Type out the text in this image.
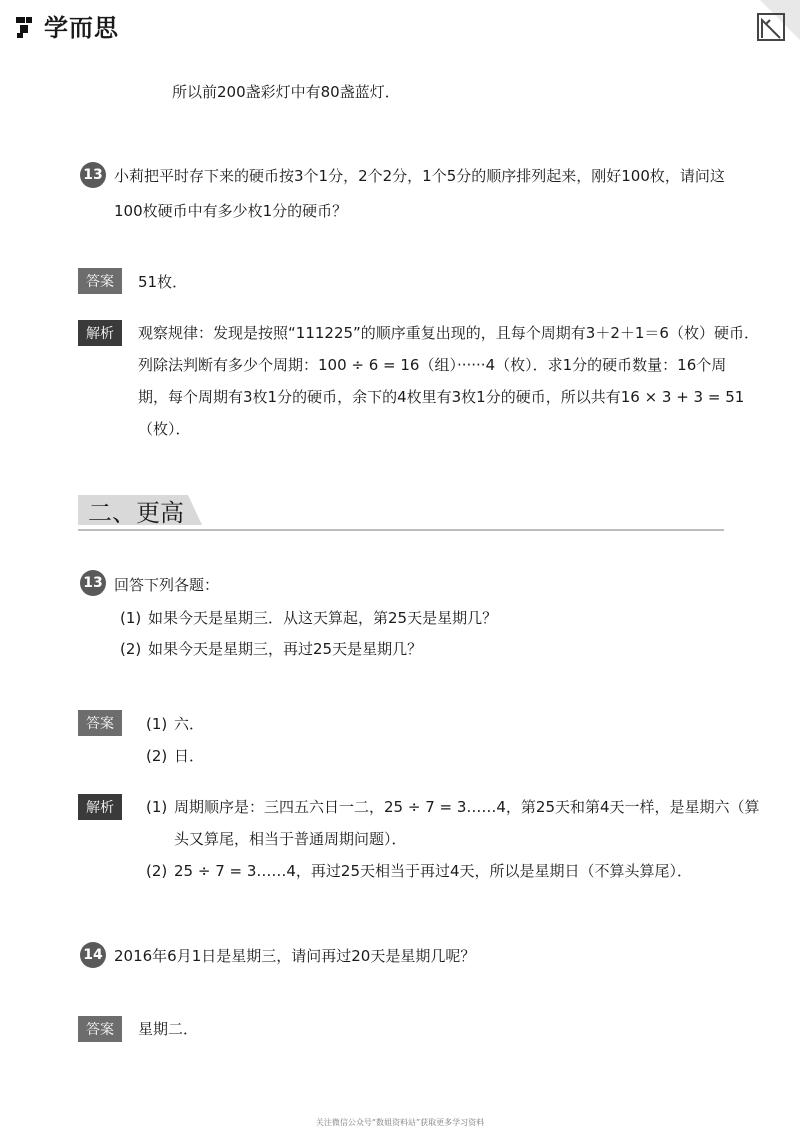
学而思
所以前200盏彩灯中有80盏蓝灯．
13 小莉把平时存下来的硬币按3个1分，2个2分，1个5分的顺序排列起来，刚好100枚，请问这
100枚硬币中有多少枚1分的硬币？
答案	51枚．
解析	观察规律：发现是按照“111225”的顺序重复出现的，且每个周期有3＋2＋1＝6（枚）硬币．
列除法判断有多少个周期：100 ÷ 6 = 16（组）······4（枚）．求1分的硬币数量：16个周
期，每个周期有3枚1分的硬币，余下的4枚里有3枚1分的硬币，所以共有16 × 3 + 3 = 51
（枚）．
二、更高
13 回答下列各题：
(1) 如果今天是星期三．从这天算起，第25天是星期几？
(2) 如果今天是星期三，再过25天是星期几？
答案	(1) 六．
(2) 日．
解析	(1) 周期顺序是：三四五六日一二，25 ÷ 7 = 3……4，第25天和第4天一样，是星期六（算
头又算尾，相当于普通周期问题）．
(2) 25 ÷ 7 = 3……4，再过25天相当于再过4天，所以是星期日（不算头算尾）．
14 2016年6月1日是星期三，请问再过20天是星期几呢？
答案	星期二．
关注微信公众号“数姐资料站”获取更多学习资料
